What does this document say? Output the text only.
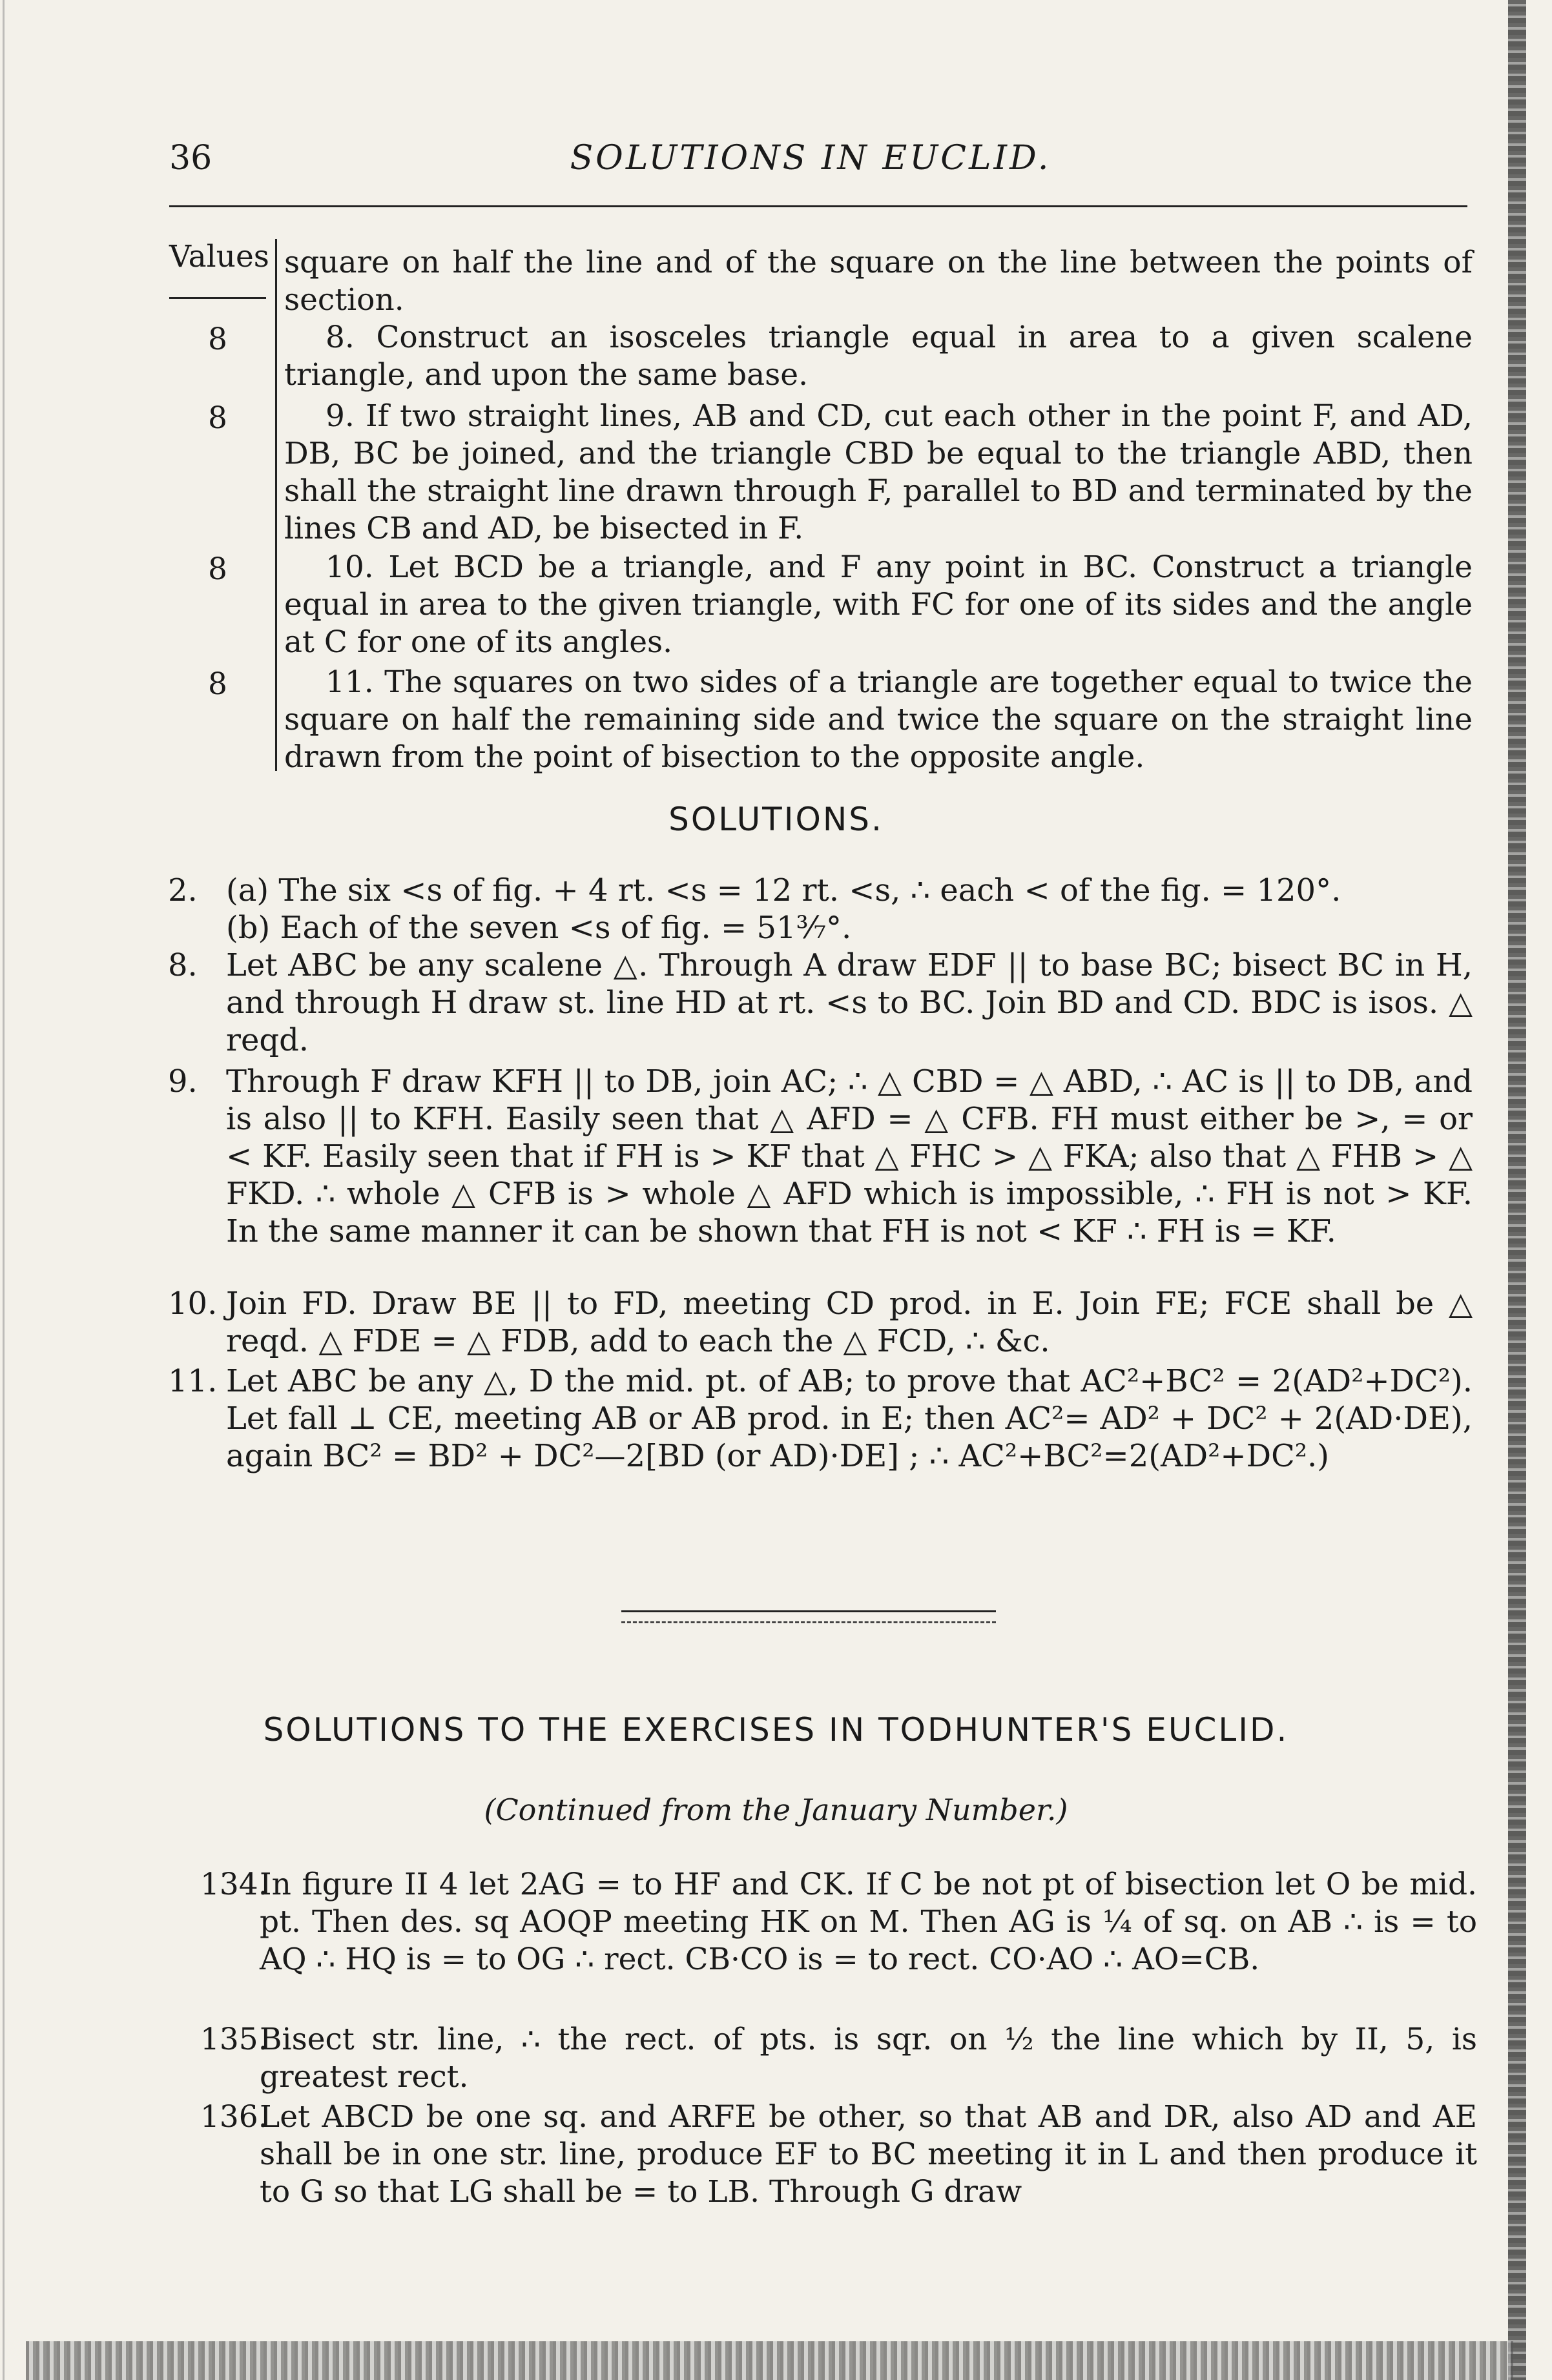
36	SOLUTIONS IN EUCLID.
Values square on half the line and of the square on the line between the points of section.
8	8. Construct an isosceles triangle equal in area to a given scalene triangle, and upon the same base.
8	9. If two straight lines, AB and CD, cut each other in the point F, and AD, DB, BC be joined, and the triangle CBD be equal to the triangle ABD, then shall the straight line drawn through F, parallel to BD and terminated by the lines CB and AD, be bisected in F.
8	10. Let BCD be a triangle, and F any point in BC. Construct a triangle equal in area to the given triangle, with FC for one of its sides and the angle at C for one of its angles.
8	11. The squares on two sides of a triangle are together equal to twice the square on half the remaining side and twice the square on the straight line drawn from the point of bisection to the opposite angle.
SOLUTIONS.
2. (a) The six <s of fig. + 4 rt. <s = 12 rt. <s, ∴ each < of the fig. = 120°.
(b) Each of the seven <s of fig. = 51³⁄₇°.
8. Let ABC be any scalene △. Through A draw EDF || to base BC; bisect BC in H, and through H draw st. line HD at rt. <s to BC. Join BD and CD. BDC is isos. △ reqd.
9. Through F draw KFH || to DB, join AC; ∴ △ CBD = △ ABD, ∴ AC is || to DB, and is also || to KFH. Easily seen that △ AFD = △ CFB. FH must either be >, = or < KF. Easily seen that if FH is > KF that △ FHC > △ FKA; also that △ FHB > △ FKD. ∴ whole △ CFB is > whole △ AFD which is impossible, ∴ FH is not > KF. In the same manner it can be shown that FH is not < KF ∴ FH is = KF.
10. Join FD. Draw BE || to FD, meeting CD prod. in E. Join FE; FCE shall be △ reqd. △ FDE = △ FDB, add to each the △ FCD, ∴ &c.
11. Let ABC be any △, D the mid. pt. of AB; to prove that AC²+BC² = 2(AD²+DC²). Let fall ⊥ CE, meeting AB or AB prod. in E; then AC²= AD² + DC² + 2(AD·DE), again BC² = BD² + DC²—2[BD (or AD)·DE] ; ∴ AC²+BC²=2(AD²+DC².)
SOLUTIONS TO THE EXERCISES IN TODHUNTER'S EUCLID.
(Continued from the January Number.)
134.
In figure II 4 let 2AG = to HF and CK. If C be not pt of bisection let O be mid. pt. Then des. sq AOQP meeting HK on M. Then AG is ¼ of sq. on AB ∴ is = to AQ ∴ HQ is = to OG ∴ rect. CB·CO is = to rect. CO·AO ∴ AO=CB.
135.
Bisect str. line, ∴ the rect. of pts. is sqr. on ½ the line which by II, 5, is greatest rect.
136.
Let ABCD be one sq. and ARFE be other, so that AB and DR, also AD and AE shall be in one str. line, produce EF to BC meeting it in L and then produce it to G so that LG shall be = to LB. Through G draw
